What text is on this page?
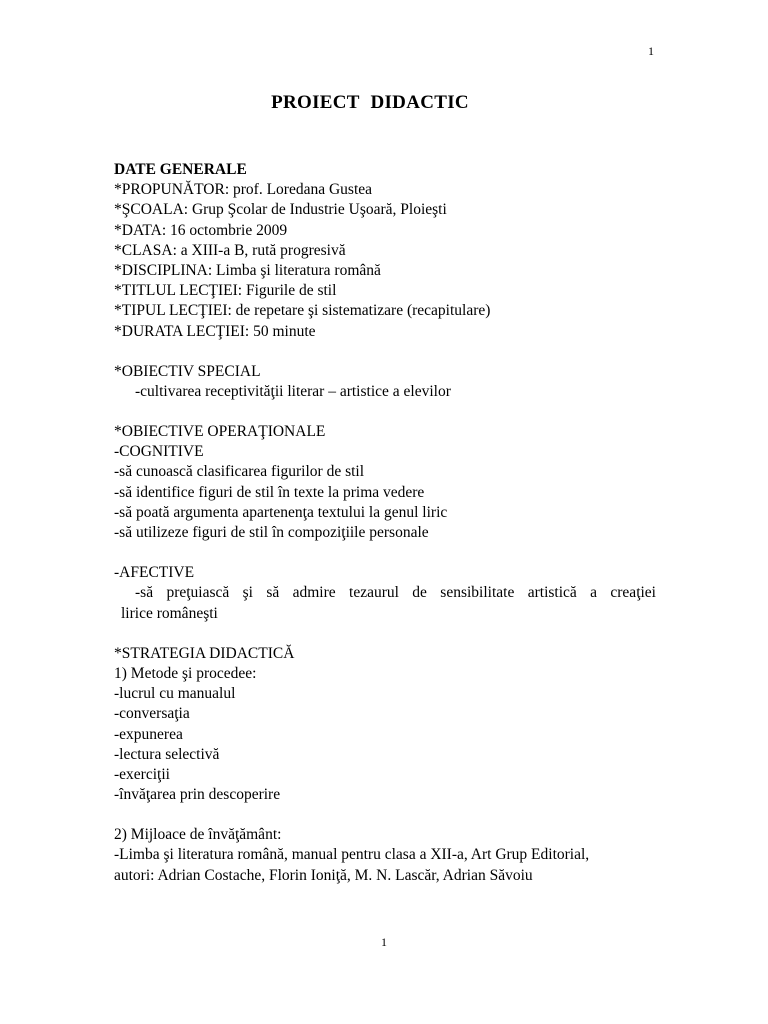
1
PROIECT DIDACTIC
DATE GENERALE
*PROPUNĂTOR: prof. Loredana Gustea
*ŞCOALA: Grup Şcolar de Industrie Uşoară, Ploieşti
*DATA: 16 octombrie 2009
*CLASA: a XIII-a B, rută progresivă
*DISCIPLINA: Limba şi literatura română
*TITLUL LECŢIEI: Figurile de stil
*TIPUL LECŢIEI: de repetare şi sistematizare (recapitulare)
*DURATA LECŢIEI: 50 minute
*OBIECTIV SPECIAL
-cultivarea receptivităţii literar – artistice a elevilor
*OBIECTIVE OPERAŢIONALE
-COGNITIVE
-să cunoască clasificarea figurilor de stil
-să identifice figuri de stil în texte la prima vedere
-să poată argumenta apartenenţa textului la genul liric
-să utilizeze figuri de stil în compoziţiile personale
-AFECTIVE
-să preţuiască şi să admire tezaurul de sensibilitate artistică a creaţiei
lirice româneşti
*STRATEGIA DIDACTICĂ
1) Metode şi procedee:
-lucrul cu manualul
-conversaţia
-expunerea
-lectura selectivă
-exerciţii
-învăţarea prin descoperire
2) Mijloace de învăţământ:
-Limba şi literatura română, manual pentru clasa a XII-a, Art Grup Editorial,
autori: Adrian Costache, Florin Ioniţă, M. N. Lascăr, Adrian Săvoiu
1
